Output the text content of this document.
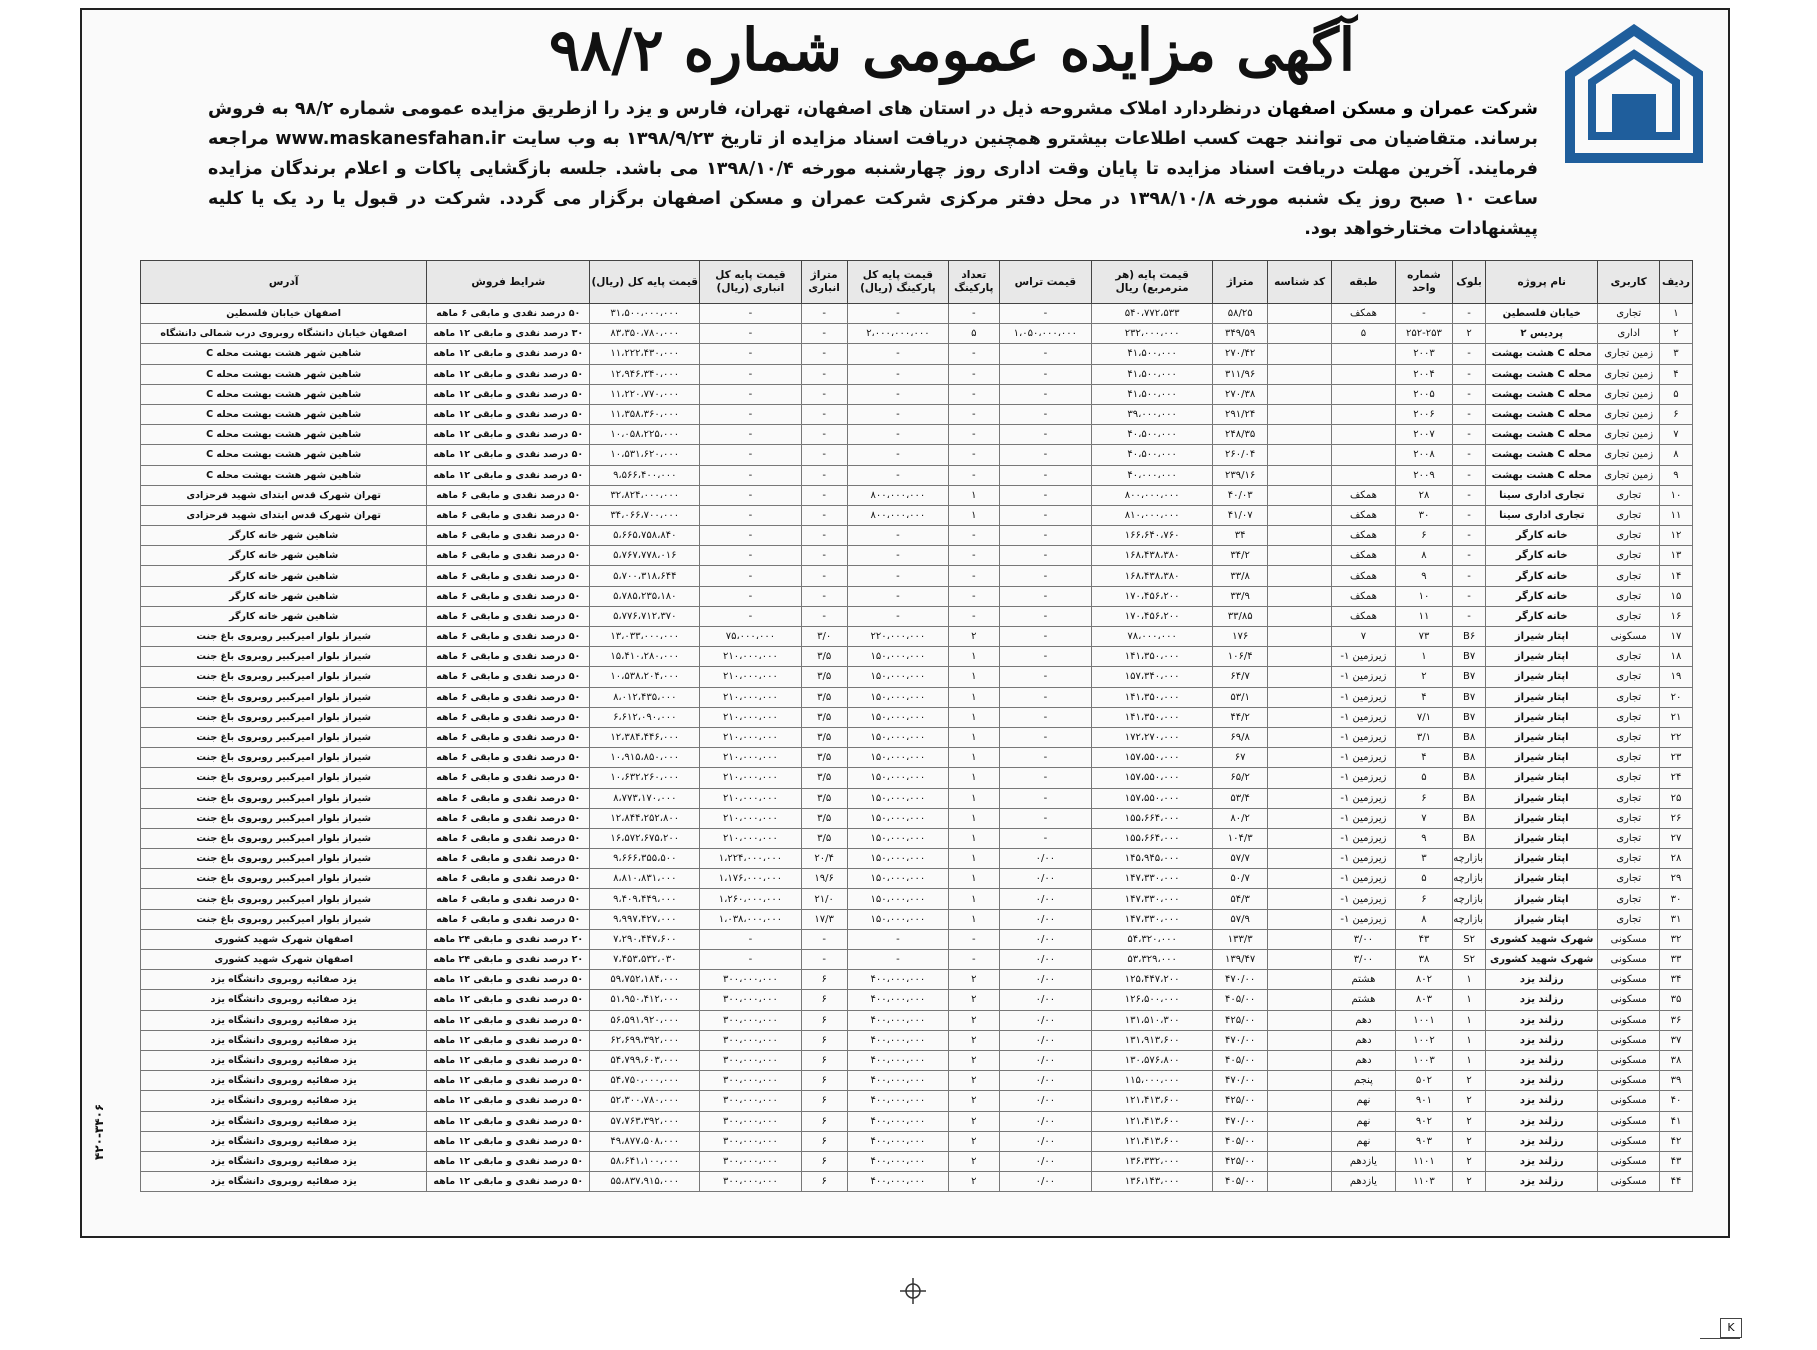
آگهی مزایده عمومی شماره ۹۸/۲
شرکت عمران و مسکن اصفهان درنظردارد املاک مشروحه ذیل در استان های اصفهان، تهران، فارس و یزد را ازطریق مزایده عمومی شماره ۹۸/۲ به فروش برساند. متقاضیان می توانند جهت کسب اطلاعات بیشترو همچنین دریافت اسناد مزایده از تاریخ ۱۳۹۸/۹/۲۳ به وب سایت www.maskanesfahan.ir مراجعه فرمایند. آخرین مهلت دریافت اسناد مزایده تا پایان وقت اداری روز چهارشنبه مورخه ۱۳۹۸/۱۰/۴ می باشد. جلسه بازگشایی پاکات و اعلام برندگان مزایده ساعت ۱۰ صبح روز یک شنبه مورخه ۱۳۹۸/۱۰/۸ در محل دفتر مرکزی شرکت عمران و مسکن اصفهان برگزار می گردد. شرکت در قبول یا رد یک یا کلیه پیشنهادات مختارخواهد بود.
ردیف	کاربری	نام پروژه	بلوک	شماره واحد	طبقه	کد شناسه	متراژ	قیمت پایه (هر مترمربع) ریال	قیمت تراس	تعداد پارکینگ	قیمت پایه کل پارکینگ (ریال)	متراژ انباری	قیمت پایه کل انباری (ریال)	قیمت پایه کل (ریال)	شرایط فروش	آدرس
۱	تجاری	خیابان فلسطین	-	-	همکف		۵۸/۲۵	۵۴۰،۷۷۲،۵۳۳	-	-	-	-	-	۳۱،۵۰۰،۰۰۰،۰۰۰	۵۰ درصد نقدی و مابقی ۶ ماهه	اصفهان خیابان فلسطین
۲	اداری	پردیس ۲	۲	۲۵۲-۲۵۳	۵		۳۴۹/۵۹	۲۳۲،۰۰۰،۰۰۰	۱،۰۵۰،۰۰۰،۰۰۰	۵	۲،۰۰۰،۰۰۰،۰۰۰	-	-	۸۳،۳۵۰،۷۸۰،۰۰۰	۳۰ درصد نقدی و مابقی ۱۲ ماهه	اصفهان خیابان دانشگاه روبروی درب شمالی دانشگاه
۳	زمین تجاری	محله C هشت بهشت	-	۲۰۰۳			۲۷۰/۴۲	۴۱،۵۰۰،۰۰۰	-	-	-	-	-	۱۱،۲۲۲،۴۳۰،۰۰۰	۵۰ درصد نقدی و مابقی ۱۲ ماهه	شاهین شهر هشت بهشت محله C
۴	زمین تجاری	محله C هشت بهشت	-	۲۰۰۴			۳۱۱/۹۶	۴۱،۵۰۰،۰۰۰	-	-	-	-	-	۱۲،۹۴۶،۳۴۰،۰۰۰	۵۰ درصد نقدی و مابقی ۱۲ ماهه	شاهین شهر هشت بهشت محله C
۵	زمین تجاری	محله C هشت بهشت	-	۲۰۰۵			۲۷۰/۳۸	۴۱،۵۰۰،۰۰۰	-	-	-	-	-	۱۱،۲۲۰،۷۷۰،۰۰۰	۵۰ درصد نقدی و مابقی ۱۲ ماهه	شاهین شهر هشت بهشت محله C
۶	زمین تجاری	محله C هشت بهشت	-	۲۰۰۶			۲۹۱/۲۴	۳۹،۰۰۰،۰۰۰	-	-	-	-	-	۱۱،۳۵۸،۳۶۰،۰۰۰	۵۰ درصد نقدی و مابقی ۱۲ ماهه	شاهین شهر هشت بهشت محله C
۷	زمین تجاری	محله C هشت بهشت	-	۲۰۰۷			۲۴۸/۳۵	۴۰،۵۰۰،۰۰۰	-	-	-	-	-	۱۰،۰۵۸،۲۲۵،۰۰۰	۵۰ درصد نقدی و مابقی ۱۲ ماهه	شاهین شهر هشت بهشت محله C
۸	زمین تجاری	محله C هشت بهشت	-	۲۰۰۸			۲۶۰/۰۴	۴۰،۵۰۰،۰۰۰	-	-	-	-	-	۱۰،۵۳۱،۶۲۰،۰۰۰	۵۰ درصد نقدی و مابقی ۱۲ ماهه	شاهین شهر هشت بهشت محله C
۹	زمین تجاری	محله C هشت بهشت	-	۲۰۰۹			۲۳۹/۱۶	۴۰،۰۰۰،۰۰۰	-	-	-	-	-	۹،۵۶۶،۴۰۰،۰۰۰	۵۰ درصد نقدی و مابقی ۱۲ ماهه	شاهین شهر هشت بهشت محله C
۱۰	تجاری	تجاری اداری سینا	-	۲۸	همکف		۴۰/۰۳	۸۰۰،۰۰۰،۰۰۰	-	۱	۸۰۰،۰۰۰،۰۰۰	-	-	۳۲،۸۲۴،۰۰۰،۰۰۰	۵۰ درصد نقدی و مابقی ۶ ماهه	تهران شهرک قدس ابتدای شهید فرحزادی
۱۱	تجاری	تجاری اداری سینا	-	۳۰	همکف		۴۱/۰۷	۸۱۰،۰۰۰،۰۰۰	-	۱	۸۰۰،۰۰۰،۰۰۰	-	-	۳۴،۰۶۶،۷۰۰،۰۰۰	۵۰ درصد نقدی و مابقی ۶ ماهه	تهران شهرک قدس ابتدای شهید فرحزادی
۱۲	تجاری	خانه کارگر	-	۶	همکف		۳۴	۱۶۶،۶۴۰،۷۶۰	-	-	-	-	-	۵،۶۶۵،۷۵۸،۸۴۰	۵۰ درصد نقدی و مابقی ۶ ماهه	شاهین شهر خانه کارگر
۱۳	تجاری	خانه کارگر	-	۸	همکف		۳۴/۲	۱۶۸،۴۳۸،۳۸۰	-	-	-	-	-	۵،۷۶۷،۷۷۸،۰۱۶	۵۰ درصد نقدی و مابقی ۶ ماهه	شاهین شهر خانه کارگر
۱۴	تجاری	خانه کارگر	-	۹	همکف		۳۳/۸	۱۶۸،۴۳۸،۳۸۰	-	-	-	-	-	۵،۷۰۰،۳۱۸،۶۴۴	۵۰ درصد نقدی و مابقی ۶ ماهه	شاهین شهر خانه کارگر
۱۵	تجاری	خانه کارگر	-	۱۰	همکف		۳۳/۹	۱۷۰،۴۵۶،۲۰۰	-	-	-	-	-	۵،۷۸۵،۲۳۵،۱۸۰	۵۰ درصد نقدی و مابقی ۶ ماهه	شاهین شهر خانه کارگر
۱۶	تجاری	خانه کارگر	-	۱۱	همکف		۳۳/۸۵	۱۷۰،۴۵۶،۲۰۰	-	-	-	-	-	۵،۷۷۶،۷۱۲،۳۷۰	۵۰ درصد نقدی و مابقی ۶ ماهه	شاهین شهر خانه کارگر
۱۷	مسکونی	اپتار شیراز	B۶	۷۳	۷		۱۷۶	۷۸،۰۰۰،۰۰۰	-	۲	۲۲۰،۰۰۰،۰۰۰	۳/۰	۷۵،۰۰۰،۰۰۰	۱۳،۰۳۳،۰۰۰،۰۰۰	۵۰ درصد نقدی و مابقی ۶ ماهه	شیراز بلوار امیرکبیر روبروی باغ جنت
۱۸	تجاری	اپتار شیراز	B۷	۱	زیرزمین ۱-		۱۰۶/۴	۱۴۱،۳۵۰،۰۰۰	-	۱	۱۵۰،۰۰۰،۰۰۰	۳/۵	۲۱۰،۰۰۰،۰۰۰	۱۵،۴۱۰،۲۸۰،۰۰۰	۵۰ درصد نقدی و مابقی ۶ ماهه	شیراز بلوار امیرکبیر روبروی باغ جنت
۱۹	تجاری	اپتار شیراز	B۷	۲	زیرزمین ۱-		۶۴/۷	۱۵۷،۳۴۰،۰۰۰	-	۱	۱۵۰،۰۰۰،۰۰۰	۳/۵	۲۱۰،۰۰۰،۰۰۰	۱۰،۵۳۸،۲۰۴،۰۰۰	۵۰ درصد نقدی و مابقی ۶ ماهه	شیراز بلوار امیرکبیر روبروی باغ جنت
۲۰	تجاری	اپتار شیراز	B۷	۴	زیرزمین ۱-		۵۳/۱	۱۴۱،۳۵۰،۰۰۰	-	۱	۱۵۰،۰۰۰،۰۰۰	۳/۵	۲۱۰،۰۰۰،۰۰۰	۸،۰۱۲،۴۳۵،۰۰۰	۵۰ درصد نقدی و مابقی ۶ ماهه	شیراز بلوار امیرکبیر روبروی باغ جنت
۲۱	تجاری	اپتار شیراز	B۷	۷/۱	زیرزمین ۱-		۴۴/۲	۱۴۱،۳۵۰،۰۰۰	-	۱	۱۵۰،۰۰۰،۰۰۰	۳/۵	۲۱۰،۰۰۰،۰۰۰	۶،۶۱۲،۰۹۰،۰۰۰	۵۰ درصد نقدی و مابقی ۶ ماهه	شیراز بلوار امیرکبیر روبروی باغ جنت
۲۲	تجاری	اپتار شیراز	B۸	۳/۱	زیرزمین ۱-		۶۹/۸	۱۷۲،۲۷۰،۰۰۰	-	۱	۱۵۰،۰۰۰،۰۰۰	۳/۵	۲۱۰،۰۰۰،۰۰۰	۱۲،۳۸۴،۴۴۶،۰۰۰	۵۰ درصد نقدی و مابقی ۶ ماهه	شیراز بلوار امیرکبیر روبروی باغ جنت
۲۳	تجاری	اپتار شیراز	B۸	۴	زیرزمین ۱-		۶۷	۱۵۷،۵۵۰،۰۰۰	-	۱	۱۵۰،۰۰۰،۰۰۰	۳/۵	۲۱۰،۰۰۰،۰۰۰	۱۰،۹۱۵،۸۵۰،۰۰۰	۵۰ درصد نقدی و مابقی ۶ ماهه	شیراز بلوار امیرکبیر روبروی باغ جنت
۲۴	تجاری	اپتار شیراز	B۸	۵	زیرزمین ۱-		۶۵/۲	۱۵۷،۵۵۰،۰۰۰	-	۱	۱۵۰،۰۰۰،۰۰۰	۳/۵	۲۱۰،۰۰۰،۰۰۰	۱۰،۶۳۲،۲۶۰،۰۰۰	۵۰ درصد نقدی و مابقی ۶ ماهه	شیراز بلوار امیرکبیر روبروی باغ جنت
۲۵	تجاری	اپتار شیراز	B۸	۶	زیرزمین ۱-		۵۳/۴	۱۵۷،۵۵۰،۰۰۰	-	۱	۱۵۰،۰۰۰،۰۰۰	۳/۵	۲۱۰،۰۰۰،۰۰۰	۸،۷۷۳،۱۷۰،۰۰۰	۵۰ درصد نقدی و مابقی ۶ ماهه	شیراز بلوار امیرکبیر روبروی باغ جنت
۲۶	تجاری	اپتار شیراز	B۸	۷	زیرزمین ۱-		۸۰/۲	۱۵۵،۶۶۴،۰۰۰	-	۱	۱۵۰،۰۰۰،۰۰۰	۳/۵	۲۱۰،۰۰۰،۰۰۰	۱۲،۸۴۴،۲۵۲،۸۰۰	۵۰ درصد نقدی و مابقی ۶ ماهه	شیراز بلوار امیرکبیر روبروی باغ جنت
۲۷	تجاری	اپتار شیراز	B۸	۹	زیرزمین ۱-		۱۰۴/۳	۱۵۵،۶۶۴،۰۰۰	-	۱	۱۵۰،۰۰۰،۰۰۰	۳/۵	۲۱۰،۰۰۰،۰۰۰	۱۶،۵۷۲،۶۷۵،۲۰۰	۵۰ درصد نقدی و مابقی ۶ ماهه	شیراز بلوار امیرکبیر روبروی باغ جنت
۲۸	تجاری	اپتار شیراز	بازارچه	۳	زیرزمین ۱-		۵۷/۷	۱۴۵،۹۴۵،۰۰۰	۰/۰۰	۱	۱۵۰،۰۰۰،۰۰۰	۲۰/۴	۱،۲۲۴،۰۰۰،۰۰۰	۹،۶۶۶،۳۵۵،۵۰۰	۵۰ درصد نقدی و مابقی ۶ ماهه	شیراز بلوار امیرکبیر روبروی باغ جنت
۲۹	تجاری	اپتار شیراز	بازارچه	۵	زیرزمین ۱-		۵۰/۷	۱۴۷،۳۳۰،۰۰۰	۰/۰۰	۱	۱۵۰،۰۰۰،۰۰۰	۱۹/۶	۱،۱۷۶،۰۰۰،۰۰۰	۸،۸۱۰،۸۳۱،۰۰۰	۵۰ درصد نقدی و مابقی ۶ ماهه	شیراز بلوار امیرکبیر روبروی باغ جنت
۳۰	تجاری	اپتار شیراز	بازارچه	۶	زیرزمین ۱-		۵۴/۳	۱۴۷،۳۳۰،۰۰۰	۰/۰۰	۱	۱۵۰،۰۰۰،۰۰۰	۲۱/۰	۱،۲۶۰،۰۰۰،۰۰۰	۹،۴۰۹،۴۴۹،۰۰۰	۵۰ درصد نقدی و مابقی ۶ ماهه	شیراز بلوار امیرکبیر روبروی باغ جنت
۳۱	تجاری	اپتار شیراز	بازارچه	۸	زیرزمین ۱-		۵۷/۹	۱۴۷،۳۳۰،۰۰۰	۰/۰۰	۱	۱۵۰،۰۰۰،۰۰۰	۱۷/۳	۱،۰۳۸،۰۰۰،۰۰۰	۹،۹۹۷،۴۲۷،۰۰۰	۵۰ درصد نقدی و مابقی ۶ ماهه	شیراز بلوار امیرکبیر روبروی باغ جنت
۳۲	مسکونی	شهرک شهید کشوری	S۲	۴۳	۳/۰۰		۱۳۳/۳	۵۴،۳۲۰،۰۰۰	۰/۰۰	-	-	-	-	۷،۲۹۰،۴۴۷،۶۰۰	۲۰ درصد نقدی و مابقی ۲۴ ماهه	اصفهان شهرک شهید کشوری
۳۳	مسکونی	شهرک شهید کشوری	S۲	۳۸	۳/۰۰		۱۳۹/۴۷	۵۳،۳۲۹،۰۰۰	۰/۰۰	-	-	-	-	۷،۴۵۳،۵۳۲،۰۳۰	۲۰ درصد نقدی و مابقی ۲۴ ماهه	اصفهان شهرک شهید کشوری
۳۴	مسکونی	رزلند یزد	۱	۸۰۲	هشتم		۴۷۰/۰۰	۱۲۵،۴۴۷،۲۰۰	۰/۰۰	۲	۴۰۰،۰۰۰،۰۰۰	۶	۳۰۰،۰۰۰،۰۰۰	۵۹،۷۵۲،۱۸۴،۰۰۰	۵۰ درصد نقدی و مابقی ۱۲ ماهه	یزد صفائیه روبروی دانشگاه یزد
۳۵	مسکونی	رزلند یزد	۱	۸۰۳	هشتم		۴۰۵/۰۰	۱۲۶،۵۰۰،۰۰۰	۰/۰۰	۲	۴۰۰،۰۰۰،۰۰۰	۶	۳۰۰،۰۰۰،۰۰۰	۵۱،۹۵۰،۴۱۲،۰۰۰	۵۰ درصد نقدی و مابقی ۱۲ ماهه	یزد صفائیه روبروی دانشگاه یزد
۳۶	مسکونی	رزلند یزد	۱	۱۰۰۱	دهم		۴۲۵/۰۰	۱۳۱،۵۱۰،۳۰۰	۰/۰۰	۲	۴۰۰،۰۰۰،۰۰۰	۶	۳۰۰،۰۰۰،۰۰۰	۵۶،۵۹۱،۹۲۰،۰۰۰	۵۰ درصد نقدی و مابقی ۱۲ ماهه	یزد صفائیه روبروی دانشگاه یزد
۳۷	مسکونی	رزلند یزد	۱	۱۰۰۲	دهم		۴۷۰/۰۰	۱۳۱،۹۱۳،۶۰۰	۰/۰۰	۲	۴۰۰،۰۰۰،۰۰۰	۶	۳۰۰،۰۰۰،۰۰۰	۶۲،۶۹۹،۳۹۲،۰۰۰	۵۰ درصد نقدی و مابقی ۱۲ ماهه	یزد صفائیه روبروی دانشگاه یزد
۳۸	مسکونی	رزلند یزد	۱	۱۰۰۳	دهم		۴۰۵/۰۰	۱۳۰،۵۷۶،۸۰۰	۰/۰۰	۲	۴۰۰،۰۰۰،۰۰۰	۶	۳۰۰،۰۰۰،۰۰۰	۵۴،۷۹۹،۶۰۳،۰۰۰	۵۰ درصد نقدی و مابقی ۱۲ ماهه	یزد صفائیه روبروی دانشگاه یزد
۳۹	مسکونی	رزلند یزد	۲	۵۰۲	پنجم		۴۷۰/۰۰	۱۱۵،۰۰۰،۰۰۰	۰/۰۰	۲	۴۰۰،۰۰۰،۰۰۰	۶	۳۰۰،۰۰۰،۰۰۰	۵۴،۷۵۰،۰۰۰،۰۰۰	۵۰ درصد نقدی و مابقی ۱۲ ماهه	یزد صفائیه روبروی دانشگاه یزد
۴۰	مسکونی	رزلند یزد	۲	۹۰۱	نهم		۴۲۵/۰۰	۱۲۱،۴۱۳،۶۰۰	۰/۰۰	۲	۴۰۰،۰۰۰،۰۰۰	۶	۳۰۰،۰۰۰،۰۰۰	۵۲،۳۰۰،۷۸۰،۰۰۰	۵۰ درصد نقدی و مابقی ۱۲ ماهه	یزد صفائیه روبروی دانشگاه یزد
۴۱	مسکونی	رزلند یزد	۲	۹۰۲	نهم		۴۷۰/۰۰	۱۲۱،۴۱۳،۶۰۰	۰/۰۰	۲	۴۰۰،۰۰۰،۰۰۰	۶	۳۰۰،۰۰۰،۰۰۰	۵۷،۷۶۳،۳۹۲،۰۰۰	۵۰ درصد نقدی و مابقی ۱۲ ماهه	یزد صفائیه روبروی دانشگاه یزد
۴۲	مسکونی	رزلند یزد	۲	۹۰۳	نهم		۴۰۵/۰۰	۱۲۱،۴۱۳،۶۰۰	۰/۰۰	۲	۴۰۰،۰۰۰،۰۰۰	۶	۳۰۰،۰۰۰،۰۰۰	۴۹،۸۷۷،۵۰۸،۰۰۰	۵۰ درصد نقدی و مابقی ۱۲ ماهه	یزد صفائیه روبروی دانشگاه یزد
۴۳	مسکونی	رزلند یزد	۲	۱۱۰۱	یازدهم		۴۲۵/۰۰	۱۳۶،۳۳۲،۰۰۰	۰/۰۰	۲	۴۰۰،۰۰۰،۰۰۰	۶	۳۰۰،۰۰۰،۰۰۰	۵۸،۶۴۱،۱۰۰،۰۰۰	۵۰ درصد نقدی و مابقی ۱۲ ماهه	یزد صفائیه روبروی دانشگاه یزد
۴۴	مسکونی	رزلند یزد	۲	۱۱۰۳	یازدهم		۴۰۵/۰۰	۱۳۶،۱۴۳،۰۰۰	۰/۰۰	۲	۴۰۰،۰۰۰،۰۰۰	۶	۳۰۰،۰۰۰،۰۰۰	۵۵،۸۳۷،۹۱۵،۰۰۰	۵۰ درصد نقدی و مابقی ۱۲ ماهه	یزد صفائیه روبروی دانشگاه یزد
۴۲۰-۳۴۰۶
K
